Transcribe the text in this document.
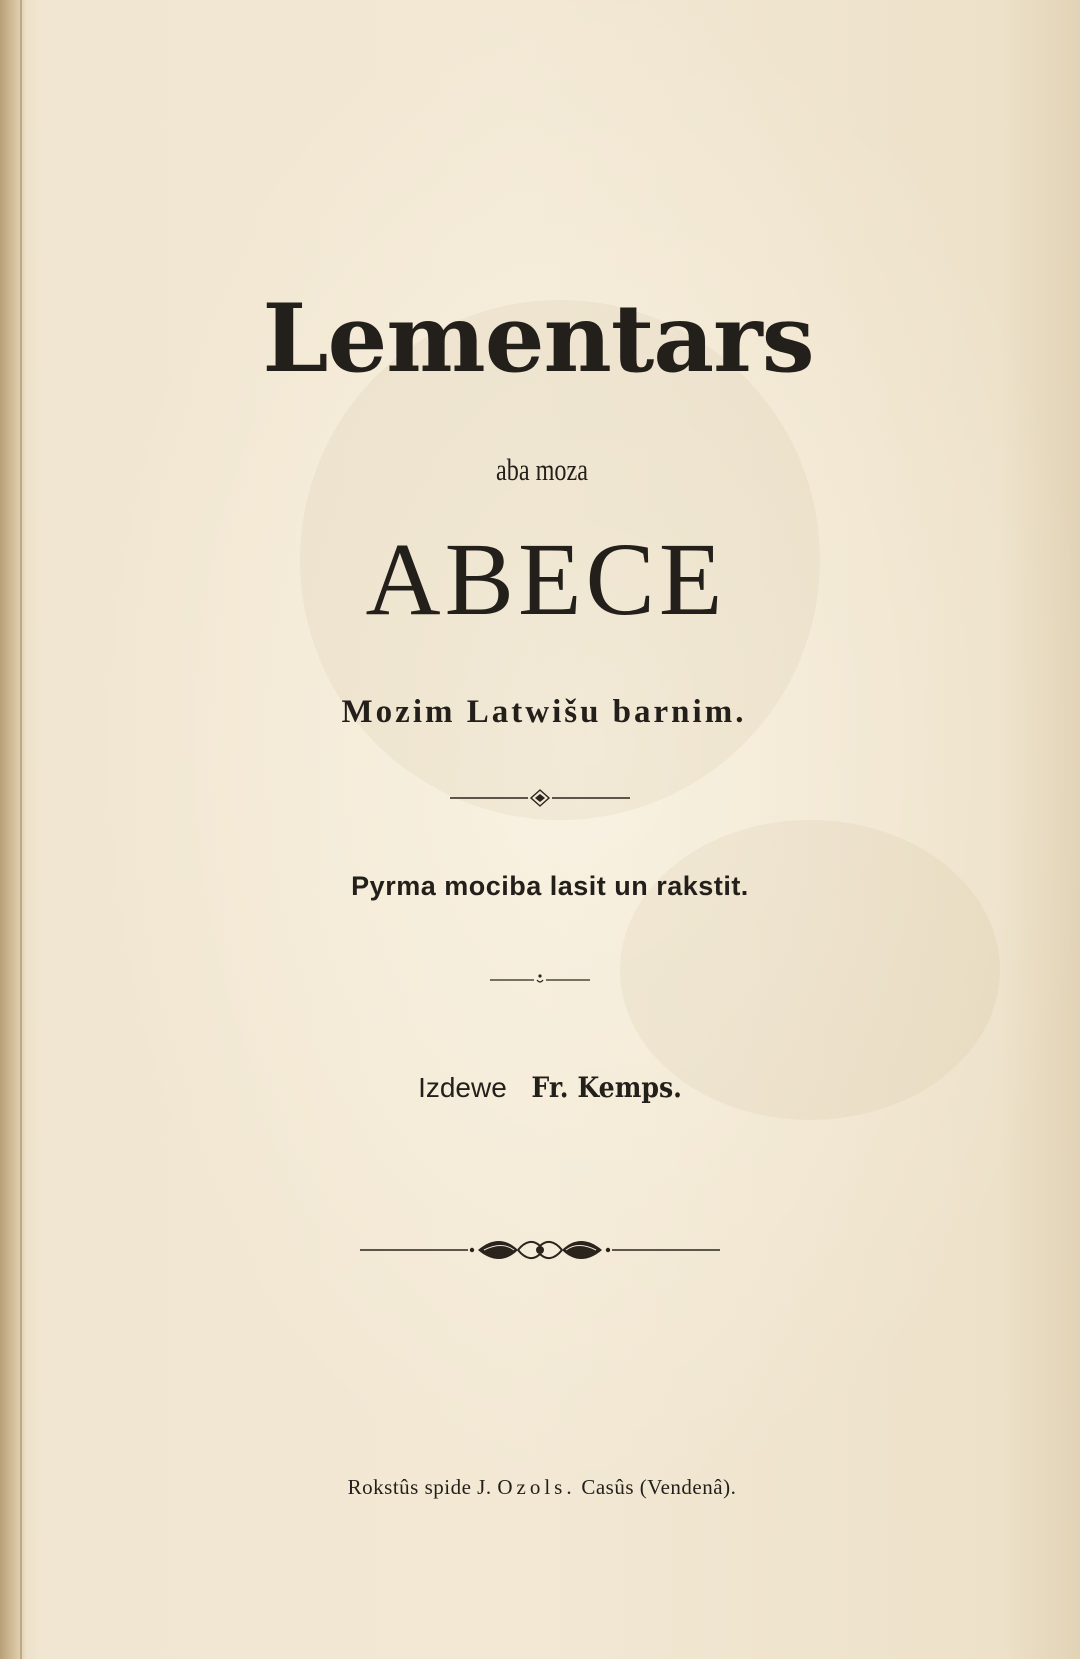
Lementars
aba moza
ABECE
Mozim Latwišu barnim.
Pyrma mociba lasit un rakstit.
Izdewe Fr. Kemps.
Rokstûs spide J. Ozols. Casûs (Vendenâ).
